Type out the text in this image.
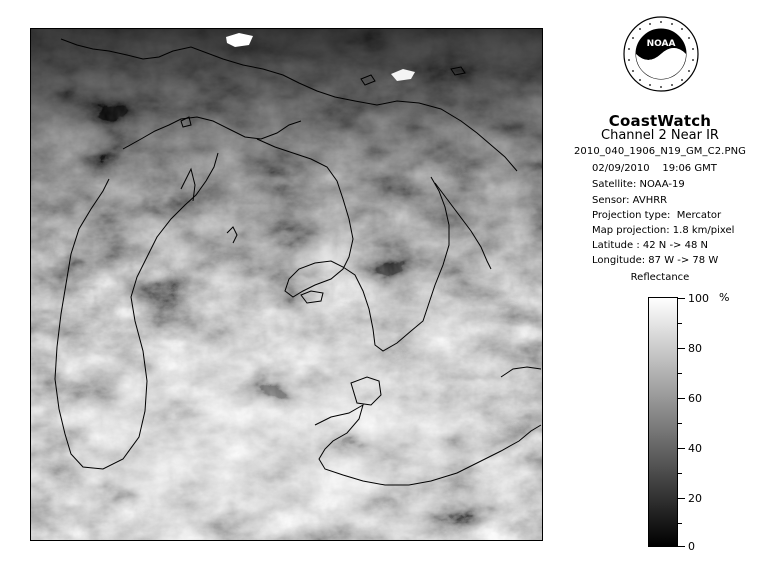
NOAA
CoastWatch
Channel 2 Near IR
2010_040_1906_N19_GM_C2.PNG
02/09/2010    19:06 GMT
Satellite: NOAA-19
Sensor: AVHRR
Projection type:  Mercator
Map projection: 1.8 km/pixel
Latitude : 42 N -> 48 N
Longitude: 87 W -> 78 W
Reflectance
%
100
80
60
40
20
0
